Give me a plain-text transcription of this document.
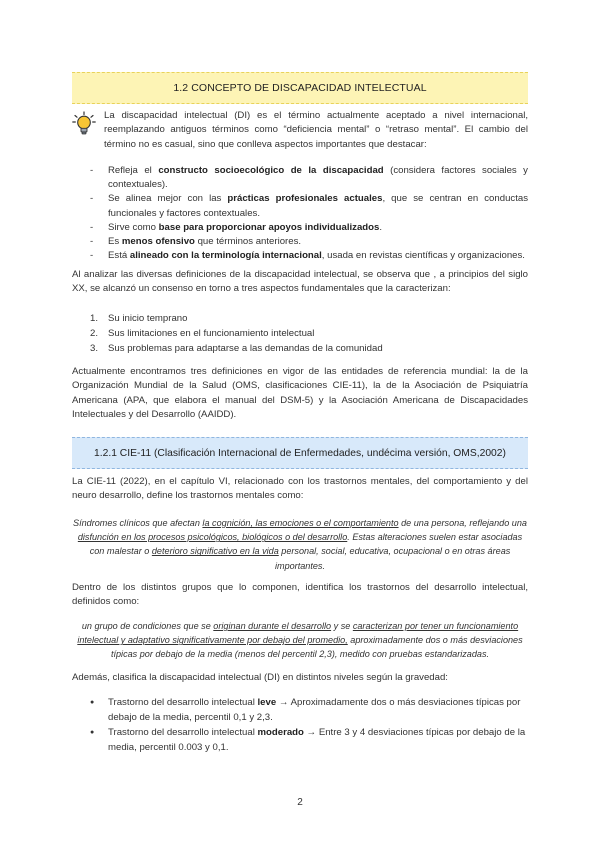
1.2 CONCEPTO DE DISCAPACIDAD INTELECTUAL

La discapacidad intelectual (DI) es el término actualmente aceptado a nivel internacional, reemplazando antiguos términos como “deficiencia mental” o “retraso mental”. El cambio del término no es casual, sino que conlleva aspectos importantes que destacar:

- Refleja el constructo socioecológico de la discapacidad (considera factores sociales y contextuales).
- Se alinea mejor con las prácticas profesionales actuales, que se centran en conductas funcionales y factores contextuales.
- Sirve como base para proporcionar apoyos individualizados.
- Es menos ofensivo que términos anteriores.
- Está alineado con la terminología internacional, usada en revistas científicas y organizaciones.

Al analizar las diversas definiciones de la discapacidad intelectual, se observa que , a principios del siglo XX, se alcanzó un consenso en torno a tres aspectos fundamentales que la caracterizan:

1. Su inicio temprano
2. Sus limitaciones en el funcionamiento intelectual
3. Sus problemas para adaptarse a las demandas de la comunidad

Actualmente encontramos tres definiciones en vigor de las entidades de referencia mundial: la de la Organización Mundial de la Salud (OMS, clasificaciones CIE-11), la de la Asociación de Psiquiatría Americana (APA, que elabora el manual del DSM-5) y la Asociación Americana de Discapacidades Intelectuales y del Desarrollo (AAIDD).

1.2.1 CIE-11 (Clasificación Internacional de Enfermedades, undécima versión, OMS,2002)

La CIE-11 (2022), en el capítulo VI, relacionado con los trastornos mentales, del comportamiento y del neuro desarrollo, define los trastornos mentales como:

Síndromes clínicos que afectan la cognición, las emociones o el comportamiento de una persona, reflejando una disfunción en los procesos psicológicos, biológicos o del desarrollo. Estas alteraciones suelen estar asociadas con malestar o deterioro significativo en la vida personal, social, educativa, ocupacional o en otras áreas importantes.

Dentro de los distintos grupos que lo componen, identifica los trastornos del desarrollo intelectual, definidos como:

un grupo de condiciones que se originan durante el desarrollo y se caracterizan por tener un funcionamiento intelectual y adaptativo significativamente por debajo del promedio, aproximadamente dos o más desviaciones típicas por debajo de la media (menos del percentil 2,3), medido con pruebas estandarizadas.

Además, clasifica la discapacidad intelectual (DI) en distintos niveles según la gravedad:

● Trastorno del desarrollo intelectual leve → Aproximadamente dos o más desviaciones típicas por debajo de la media, percentil 0,1 y 2,3.
● Trastorno del desarrollo intelectual moderado → Entre 3 y 4 desviaciones típicas por debajo de la media, percentil 0.003 y 0,1.
2
